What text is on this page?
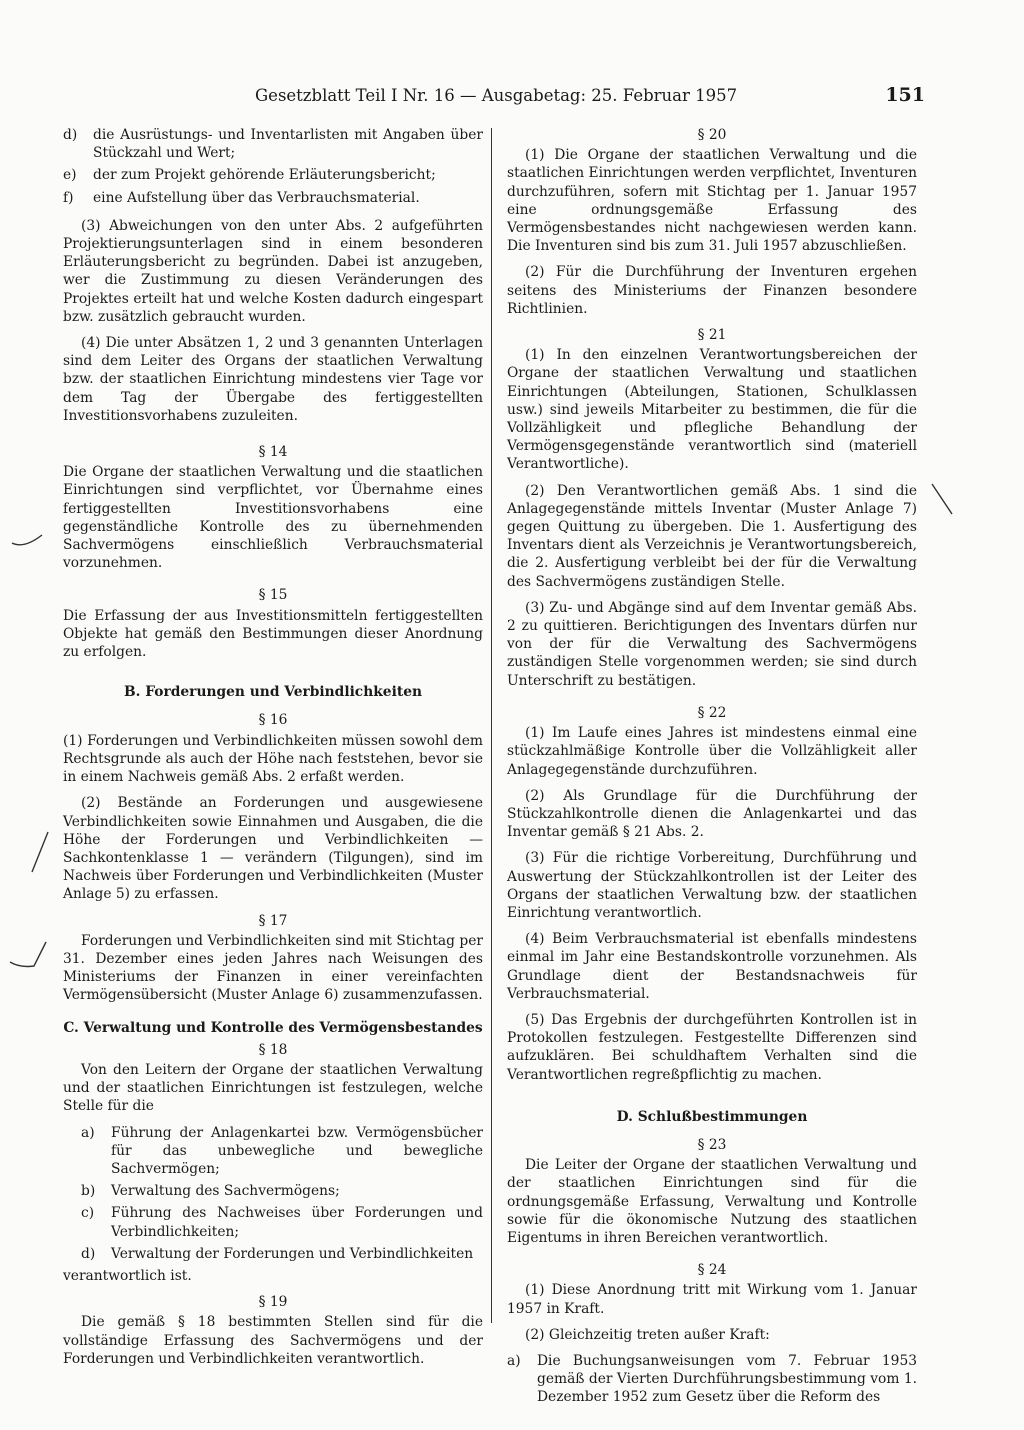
Gesetzblatt Teil I Nr. 16 — Ausgabetag: 25. Februar 1957	151
d)	die Ausrüstungs- und Inventarlisten mit Angaben über Stückzahl und Wert;
e)	der zum Projekt gehörende Erläuterungsbericht;
f)	eine Aufstellung über das Verbrauchsmaterial.

(3) Abweichungen von den unter Abs. 2 aufgeführten Projektierungsunterlagen sind in einem besonderen Erläuterungsbericht zu begründen. Dabei ist anzugeben, wer die Zustimmung zu diesen Veränderungen des Projektes erteilt hat und welche Kosten dadurch eingespart bzw. zusätzlich gebraucht wurden.

(4) Die unter Absätzen 1, 2 und 3 genannten Unterlagen sind dem Leiter des Organs der staatlichen Verwaltung bzw. der staatlichen Einrichtung mindestens vier Tage vor dem Tag der Übergabe des fertiggestellten Investitionsvorhabens zuzuleiten.

§ 14

Die Organe der staatlichen Verwaltung und die staatlichen Einrichtungen sind verpflichtet, vor Übernahme eines fertiggestellten Investitionsvorhabens eine gegenständliche Kontrolle des zu übernehmenden Sachvermögens einschließlich Verbrauchsmaterial vorzunehmen.

§ 15

Die Erfassung der aus Investitionsmitteln fertiggestellten Objekte hat gemäß den Bestimmungen dieser Anordnung zu erfolgen.

B. Forderungen und Verbindlichkeiten
§ 16

(1) Forderungen und Verbindlichkeiten müssen sowohl dem Rechtsgrunde als auch der Höhe nach feststehen, bevor sie in einem Nachweis gemäß Abs. 2 erfaßt werden.

(2) Bestände an Forderungen und ausgewiesene Verbindlichkeiten sowie Einnahmen und Ausgaben, die die Höhe der Forderungen und Verbindlichkeiten — Sachkontenklasse 1 — verändern (Tilgungen), sind im Nachweis über Forderungen und Verbindlichkeiten (Muster Anlage 5) zu erfassen.

§ 17

Forderungen und Verbindlichkeiten sind mit Stichtag per 31. Dezember eines jeden Jahres nach Weisungen des Ministeriums der Finanzen in einer vereinfachten Vermögensübersicht (Muster Anlage 6) zusammenzufassen.

C. Verwaltung und Kontrolle des Vermögensbestandes
§ 18

Von den Leitern der Organe der staatlichen Verwaltung und der staatlichen Einrichtungen ist festzulegen, welche Stelle für die

a)	Führung der Anlagenkartei bzw. Vermögensbücher für das unbewegliche und bewegliche Sachvermögen;
b)	Verwaltung des Sachvermögens;
c)	Führung des Nachweises über Forderungen und Verbindlichkeiten;
d)	Verwaltung der Forderungen und Verbindlichkeiten

verantwortlich ist.

§ 19

Die gemäß § 18 bestimmten Stellen sind für die vollständige Erfassung des Sachvermögens und der Forderungen und Verbindlichkeiten verantwortlich.

§ 20

(1) Die Organe der staatlichen Verwaltung und die staatlichen Einrichtungen werden verpflichtet, Inventuren durchzuführen, sofern mit Stichtag per 1. Januar 1957 eine ordnungsgemäße Erfassung des Vermögensbestandes nicht nachgewiesen werden kann. Die Inventuren sind bis zum 31. Juli 1957 abzuschließen.

(2) Für die Durchführung der Inventuren ergehen seitens des Ministeriums der Finanzen besondere Richtlinien.

§ 21

(1) In den einzelnen Verantwortungsbereichen der Organe der staatlichen Verwaltung und staatlichen Einrichtungen (Abteilungen, Stationen, Schulklassen usw.) sind jeweils Mitarbeiter zu bestimmen, die für die Vollzähligkeit und pflegliche Behandlung der Vermögensgegenstände verantwortlich sind (materiell Verantwortliche).

(2) Den Verantwortlichen gemäß Abs. 1 sind die Anlagegegenstände mittels Inventar (Muster Anlage 7) gegen Quittung zu übergeben. Die 1. Ausfertigung des Inventars dient als Verzeichnis je Verantwortungsbereich, die 2. Ausfertigung verbleibt bei der für die Verwaltung des Sachvermögens zuständigen Stelle.

(3) Zu- und Abgänge sind auf dem Inventar gemäß Abs. 2 zu quittieren. Berichtigungen des Inventars dürfen nur von der für die Verwaltung des Sachvermögens zuständigen Stelle vorgenommen werden; sie sind durch Unterschrift zu bestätigen.

§ 22

(1) Im Laufe eines Jahres ist mindestens einmal eine stückzahlmäßige Kontrolle über die Vollzähligkeit aller Anlagegegenstände durchzuführen.

(2) Als Grundlage für die Durchführung der Stückzahlkontrolle dienen die Anlagenkartei und das Inventar gemäß § 21 Abs. 2.

(3) Für die richtige Vorbereitung, Durchführung und Auswertung der Stückzahlkontrollen ist der Leiter des Organs der staatlichen Verwaltung bzw. der staatlichen Einrichtung verantwortlich.

(4) Beim Verbrauchsmaterial ist ebenfalls mindestens einmal im Jahr eine Bestandskontrolle vorzunehmen. Als Grundlage dient der Bestandsnachweis für Verbrauchsmaterial.

(5) Das Ergebnis der durchgeführten Kontrollen ist in Protokollen festzulegen. Festgestellte Differenzen sind aufzuklären. Bei schuldhaftem Verhalten sind die Verantwortlichen regreßpflichtig zu machen.

D. Schlußbestimmungen
§ 23

Die Leiter der Organe der staatlichen Verwaltung und der staatlichen Einrichtungen sind für die ordnungsgemäße Erfassung, Verwaltung und Kontrolle sowie für die ökonomische Nutzung des staatlichen Eigentums in ihren Bereichen verantwortlich.

§ 24

(1) Diese Anordnung tritt mit Wirkung vom 1. Januar 1957 in Kraft.

(2) Gleichzeitig treten außer Kraft:

a)	Die Buchungsanweisungen vom 7. Februar 1953 gemäß der Vierten Durchführungsbestimmung vom 1. Dezember 1952 zum Gesetz über die Reform des
